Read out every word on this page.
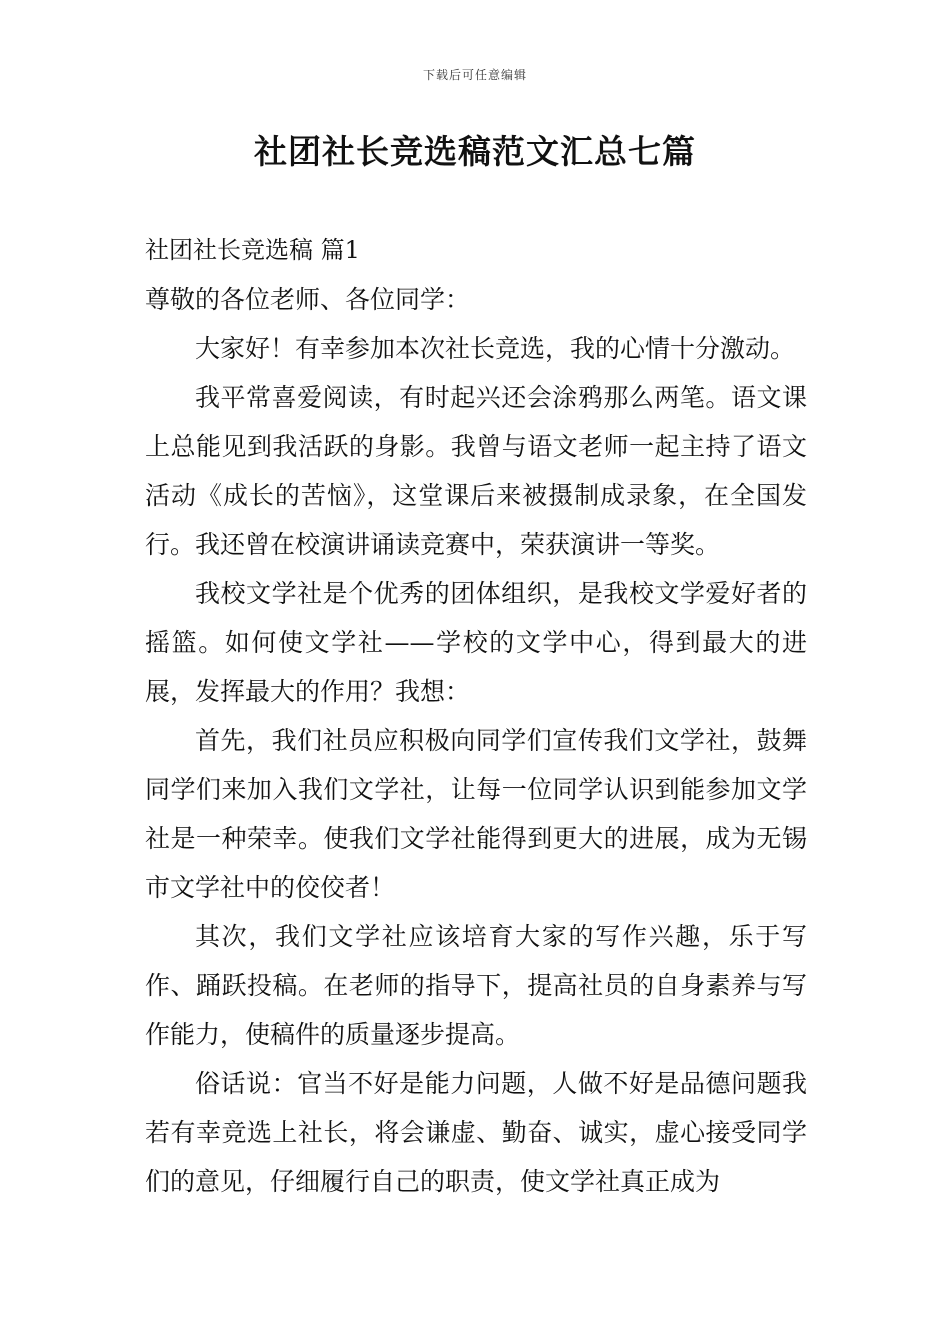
下载后可任意编辑
社团社长竞选稿范文汇总七篇
社团社长竞选稿 篇1
尊敬的各位老师、各位同学：

大家好！有幸参加本次社长竞选，我的心情十分激动。

我平常喜爱阅读，有时起兴还会涂鸦那么两笔。语文课上总能见到我活跃的身影。我曾与语文老师一起主持了语文活动《成长的苦恼》，这堂课后来被摄制成录象，在全国发行。我还曾在校演讲诵读竞赛中，荣获演讲一等奖。

我校文学社是个优秀的团体组织，是我校文学爱好者的摇篮。如何使文学社——学校的文学中心，得到最大的进展，发挥最大的作用？我想：

首先，我们社员应积极向同学们宣传我们文学社，鼓舞同学们来加入我们文学社，让每一位同学认识到能参加文学社是一种荣幸。使我们文学社能得到更大的进展，成为无锡市文学社中的佼佼者！

其次，我们文学社应该培育大家的写作兴趣，乐于写作、踊跃投稿。在老师的指导下，提高社员的自身素养与写作能力，使稿件的质量逐步提高。

俗话说：官当不好是能力问题，人做不好是品德问题我若有幸竞选上社长，将会谦虚、勤奋、诚实，虚心接受同学们的意见，仔细履行自己的职责，使文学社真正成为
